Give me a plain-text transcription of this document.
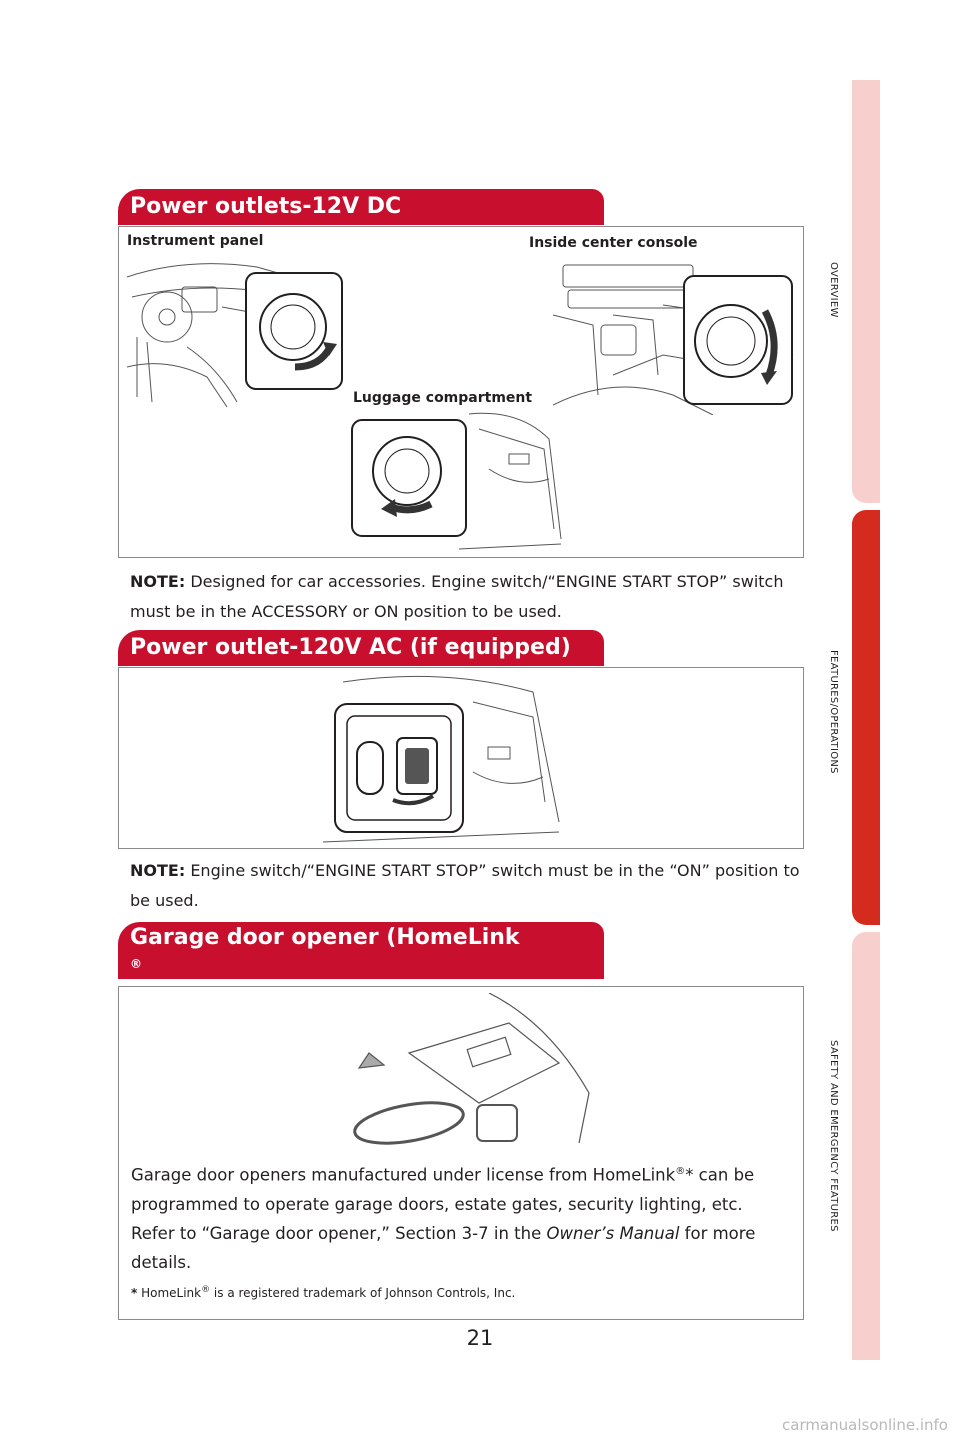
OVERVIEW
FEATURES/OPERATIONS
SAFETY AND EMERGENCY FEATURES
Power outlets-12V DC
Instrument panel	Inside center console
Luggage compartment
NOTE: Designed for car accessories. Engine switch/“ENGINE START STOP” switch must be in the ACCESSORY or ON position to be used.
Power outlet-120V AC (if equipped)
NOTE: Engine switch/“ENGINE START STOP” switch must be in the “ON” position to be used.
Garage door opener (HomeLink
®
Garage door openers manufactured under license from HomeLink®* can be programmed to operate garage doors, estate gates, security lighting, etc.
Refer to “Garage door opener,” Section 3-7 in the Owner’s Manual for more details.
* HomeLink® is a registered trademark of Johnson Controls, Inc.
21
carmanualsonline.info
